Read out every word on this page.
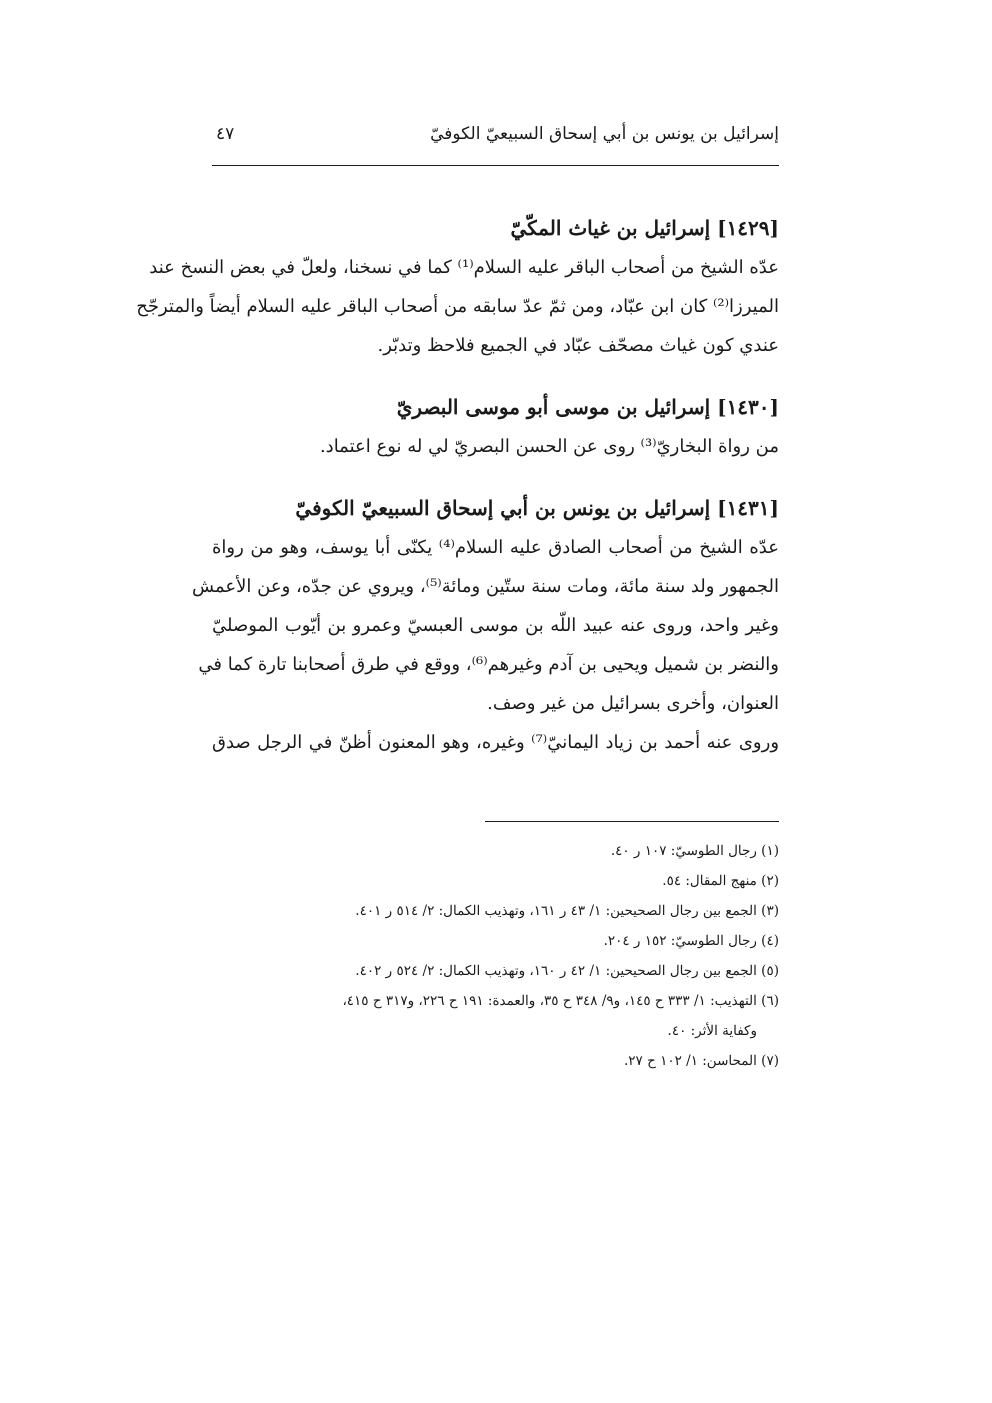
إسرائيل بن يونس بن أبي إسحاق السبيعيّ الكوفيّ
٤٧
[١٤٢٩] إسرائيل بن غياث المكّيّ
عدّه الشيخ من أصحاب الباقر عليه السلام⁽¹⁾ كما في نسخنا، ولعلّ في بعض النسخ عند
الميرزا⁽²⁾ كان ابن عبّاد، ومن ثمّ عدّ سابقه من أصحاب الباقر عليه السلام أيضاً والمترجّح
عندي كون غياث مصحّف عبّاد في الجميع فلاحظ وتدبّر.
[١٤٣٠] إسرائيل بن موسى أبو موسى البصريّ
من رواة البخاريّ⁽³⁾ روى عن الحسن البصريّ لي له نوع اعتماد.
[١٤٣١] إسرائيل بن يونس بن أبي إسحاق السبيعيّ الكوفيّ
عدّه الشيخ من أصحاب الصادق عليه السلام⁽⁴⁾ يكنّى أبا يوسف، وهو من رواة
الجمهور ولد سنة مائة، ومات سنة ستّين ومائة⁽⁵⁾، ويروي عن جدّه، وعن الأعمش
وغير واحد، وروى عنه عبيد اللّه بن موسى العبسيّ وعمرو بن أيّوب الموصليّ
والنضر بن شميل ويحيى بن آدم وغيرهم⁽⁶⁾، ووقع في طرق أصحابنا تارة كما في
العنوان، وأخرى بسرائيل من غير وصف.
وروى عنه أحمد بن زياد اليمانيّ⁽⁷⁾ وغيره، وهو المعنون أظنّ في الرجل صدق
(١) رجال الطوسيّ: ١٠٧ ر ٤٠.
(٢) منهج المقال: ٥٤.
(٣) الجمع بين رجال الصحيحين: ١/ ٤٣ ر ١٦١، وتهذيب الكمال: ٢/ ٥١٤ ر ٤٠١.
(٤) رجال الطوسيّ: ١٥٢ ر ٢٠٤.
(٥) الجمع بين رجال الصحيحين: ١/ ٤٢ ر ١٦٠، وتهذيب الكمال: ٢/ ٥٢٤ ر ٤٠٢.
(٦) التهذيب: ١/ ٣٣٣ ح ١٤٥، و٩/ ٣٤٨ ح ٣٥، والعمدة: ١٩١ ح ٢٢٦، و٣١٧ ح ٤١٥،
وكفاية الأثر: ٤٠.
(٧) المحاسن: ١/ ١٠٢ ح ٢٧.
